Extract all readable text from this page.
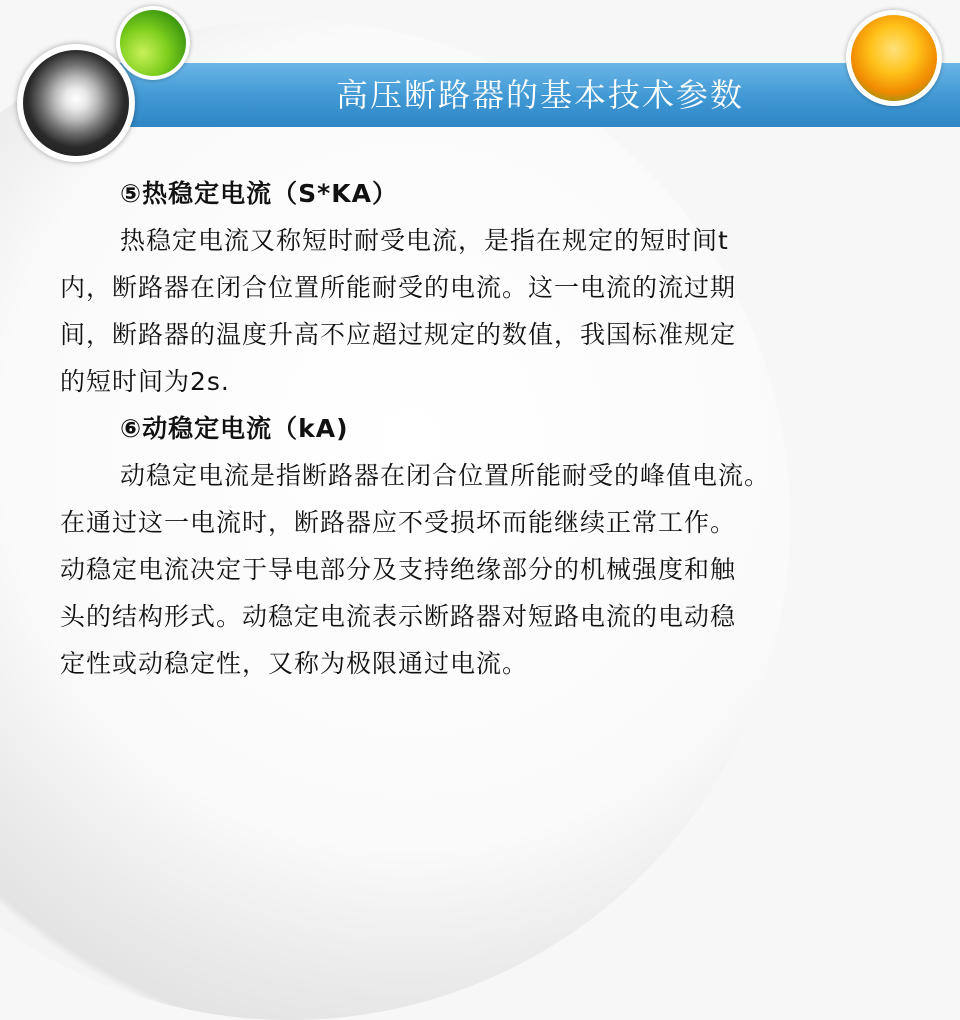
高压断路器的基本技术参数
⑤热稳定电流（S*KA）
热稳定电流又称短时耐受电流，是指在规定的短时间t
内，断路器在闭合位置所能耐受的电流。这一电流的流过期
间，断路器的温度升高不应超过规定的数值，我国标准规定
的短时间为2s.
⑥动稳定电流（kA)
动稳定电流是指断路器在闭合位置所能耐受的峰值电流。
在通过这一电流时，断路器应不受损坏而能继续正常工作。
动稳定电流决定于导电部分及支持绝缘部分的机械强度和触
头的结构形式。动稳定电流表示断路器对短路电流的电动稳
定性或动稳定性，又称为极限通过电流。
